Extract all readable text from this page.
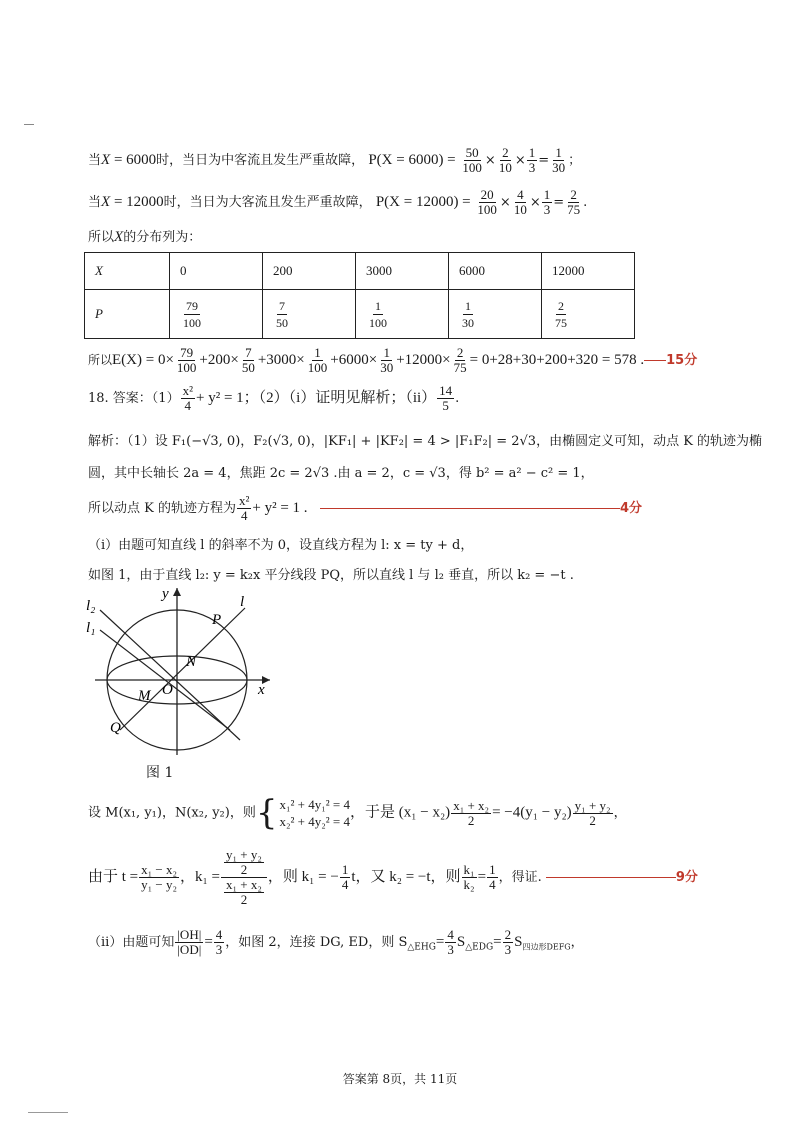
当X = 6000时，当日为中客流且发生严重故障， $P(X = 6000) = \frac{50}{100} \times \frac{2}{10} \times \frac{1}{3} = \frac{1}{30}$ ；
当X = 12000时，当日为大客流且发生严重故障， $P(X = 12000) = \frac{20}{100} \times \frac{4}{10} \times \frac{1}{3} = \frac{2}{75}$ .
所以X的分布列为：
X	0	200	3000	6000	12000
P	$\frac{79}{100}$	$\frac{7}{50}$	$\frac{1}{100}$	$\frac{1}{30}$	$\frac{2}{75}$
所以$E(X) = 0\times \frac{79}{100} +200\times \frac{7}{50} +3000\times \frac{1}{100} +6000\times \frac{1}{30} +12000\times \frac{2}{75} = 0+28+30+200+320 = 578$ . 15分
18. 答案：$(1) \frac{\text{x²}}{4} + y^2 = 1$；（2）（i）证明见解析；$(ii) \frac{14}{5}$ .
解析：（1）设 F₁(−√3, 0)，F₂(√3, 0)，|KF₁| + |KF₂| = 4 > |F₁F₂| = 2√3，由椭圆定义可知，动点 K 的轨迹为椭
圆，其中长轴长 2a = 4，焦距 2c = 2√3 .由 a = 2，c = √3，得 b² = a² − c² = 1，
所以动点 K 的轨迹方程为 $\frac{\text{x²}}{4} + y^2 = 1$ .	4分
（i）由题可知直线 l 的斜率不为 0，设直线方程为 l: x = ty + d，
如图 1，由于直线 l₂: y = k₂x 平分线段 PQ，所以直线 l 与 l₂ 垂直，所以 k₂ = −t .
l₂
l₁
y
P
l
N
O
M	x
Q
图 1
设 M(x₁, y₁)，N(x₂, y₂)，则 { x₁² + 4y₁² = 4
x₂² + 4y₂² = 4
，于是 $(x_1 - x_2) \frac{\text{x₁ + x₂}}{2} = -4(y_1 - y_2) \frac{\text{y₁ + y₂}}{2}$ ，
由于 $t = \frac{\text{x₁ − x₂}}{\text{y₁ − y₂}}$ ，$k_1 = \frac{\frac{\text{y₁ + y₂}}{2}}{\frac{\text{x₁ + x₂}}{2}}$ ，则 k₁ = − $\frac{1}{4}$ t，又 k₂ = −t，则 $\frac{\text{k₁}}{\text{k₂}} = \frac{1}{4}$ ，得证.	9分
（ii）由题可知 $\frac{|OH|}{|OD|} = \frac{4}{3}$ ，如图 2，连接 DG, ED，则 $S_{\triangle EHG}= \frac{4}{3} S_{\triangle EDG}= \frac{2}{3} S_{四边形DEFG}$，
答案第 8页，共 11页
